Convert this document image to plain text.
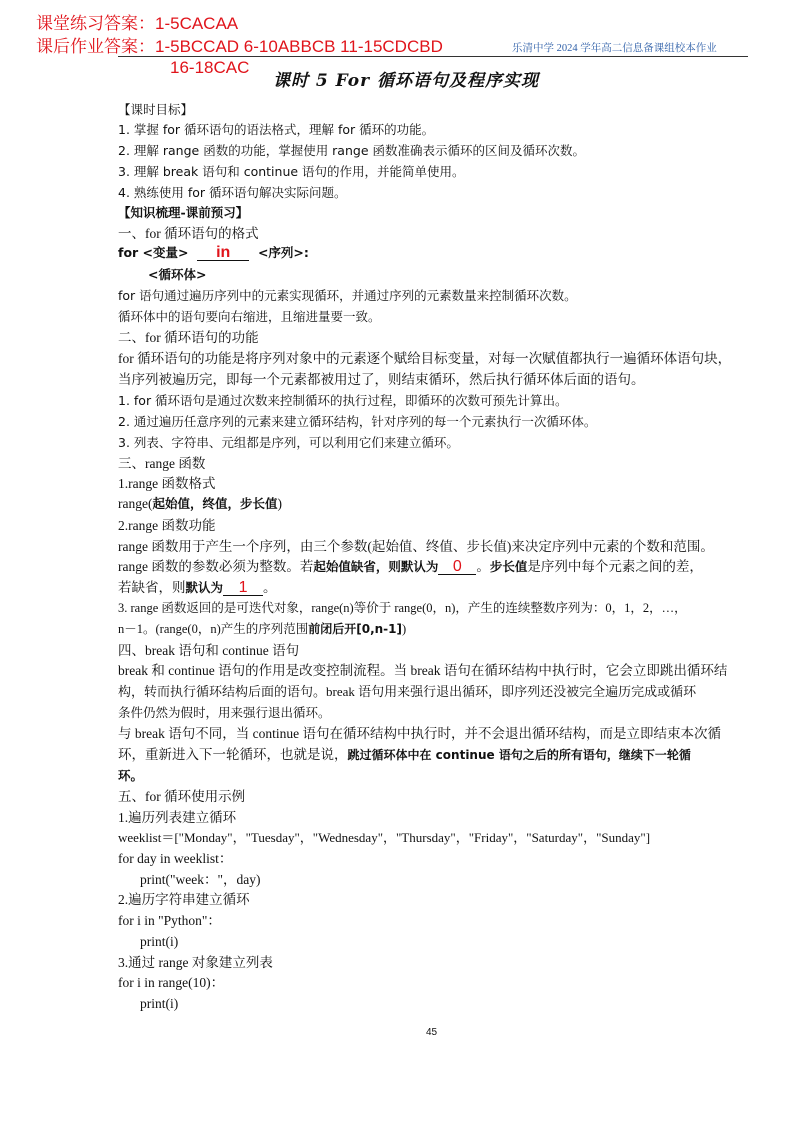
课堂练习答案：1-5CACAA
课后作业答案：1-5BCCAD 6-10ABBCB 11-15CDCBD
16-18CAC
乐清中学 2024 学年高二信息备课组校本作业
课时 5 For 循环语句及程序实现
【课时目标】
1. 掌握 for 循环语句的语法格式，理解 for 循环的功能。
2. 理解 range 函数的功能，掌握使用 range 函数准确表示循环的区间及循环次数。
3. 理解 break 语句和 continue 语句的作用，并能简单使用。
4. 熟练使用 for 循环语句解决实际问题。
【知识梳理-课前预习】
一、for 循环语句的格式
for <变量> in <序列>:
<循环体>
for 语句通过遍历序列中的元素实现循环，并通过序列的元素数量来控制循环次数。
循环体中的语句要向右缩进，且缩进量要一致。
二、for 循环语句的功能
for 循环语句的功能是将序列对象中的元素逐个赋给目标变量，对每一次赋值都执行一遍循环体语句块，
当序列被遍历完，即每一个元素都被用过了，则结束循环，然后执行循环体后面的语句。
1. for 循环语句是通过次数来控制循环的执行过程，即循环的次数可预先计算出。
2. 通过遍历任意序列的元素来建立循环结构，针对序列的每一个元素执行一次循环体。
3. 列表、字符串、元组都是序列，可以利用它们来建立循环。
三、range 函数
1.range 函数格式
range(起始值，终值，步长值)
2.range 函数功能
range 函数用于产生一个序列，由三个参数(起始值、终值、步长值)来决定序列中元素的个数和范围。
range 函数的参数必须为整数。若起始值缺省，则默认为 0 。步长值是序列中每个元素之间的差，
若缺省，则默认为 1 。
3. range 函数返回的是可迭代对象，range(n)等价于 range(0，n)，产生的连续整数序列为：0，1，2，…，
n－1。(range(0，n)产生的序列范围前闭后开[0,n-1])
四、break 语句和 continue 语句
break 和 continue 语句的作用是改变控制流程。当 break 语句在循环结构中执行时，它会立即跳出循环结
构，转而执行循环结构后面的语句。break 语句用来强行退出循环，即序列还没被完全遍历完成或循环
条件仍然为假时，用来强行退出循环。
与 break 语句不同，当 continue 语句在循环结构中执行时，并不会退出循环结构，而是立即结束本次循
环，重新进入下一轮循环，也就是说，跳过循环体中在 continue 语句之后的所有语句，继续下一轮循
环。
五、for 循环使用示例
1.遍历列表建立循环
weeklist＝["Monday"，"Tuesday"，"Wednesday"，"Thursday"，"Friday"，"Saturday"，"Sunday"]
for day in weeklist：
print("week："，day)
2.遍历字符串建立循环
for i in "Python"：
print(i)
3.通过 range 对象建立列表
for i in range(10)：
print(i)
45
